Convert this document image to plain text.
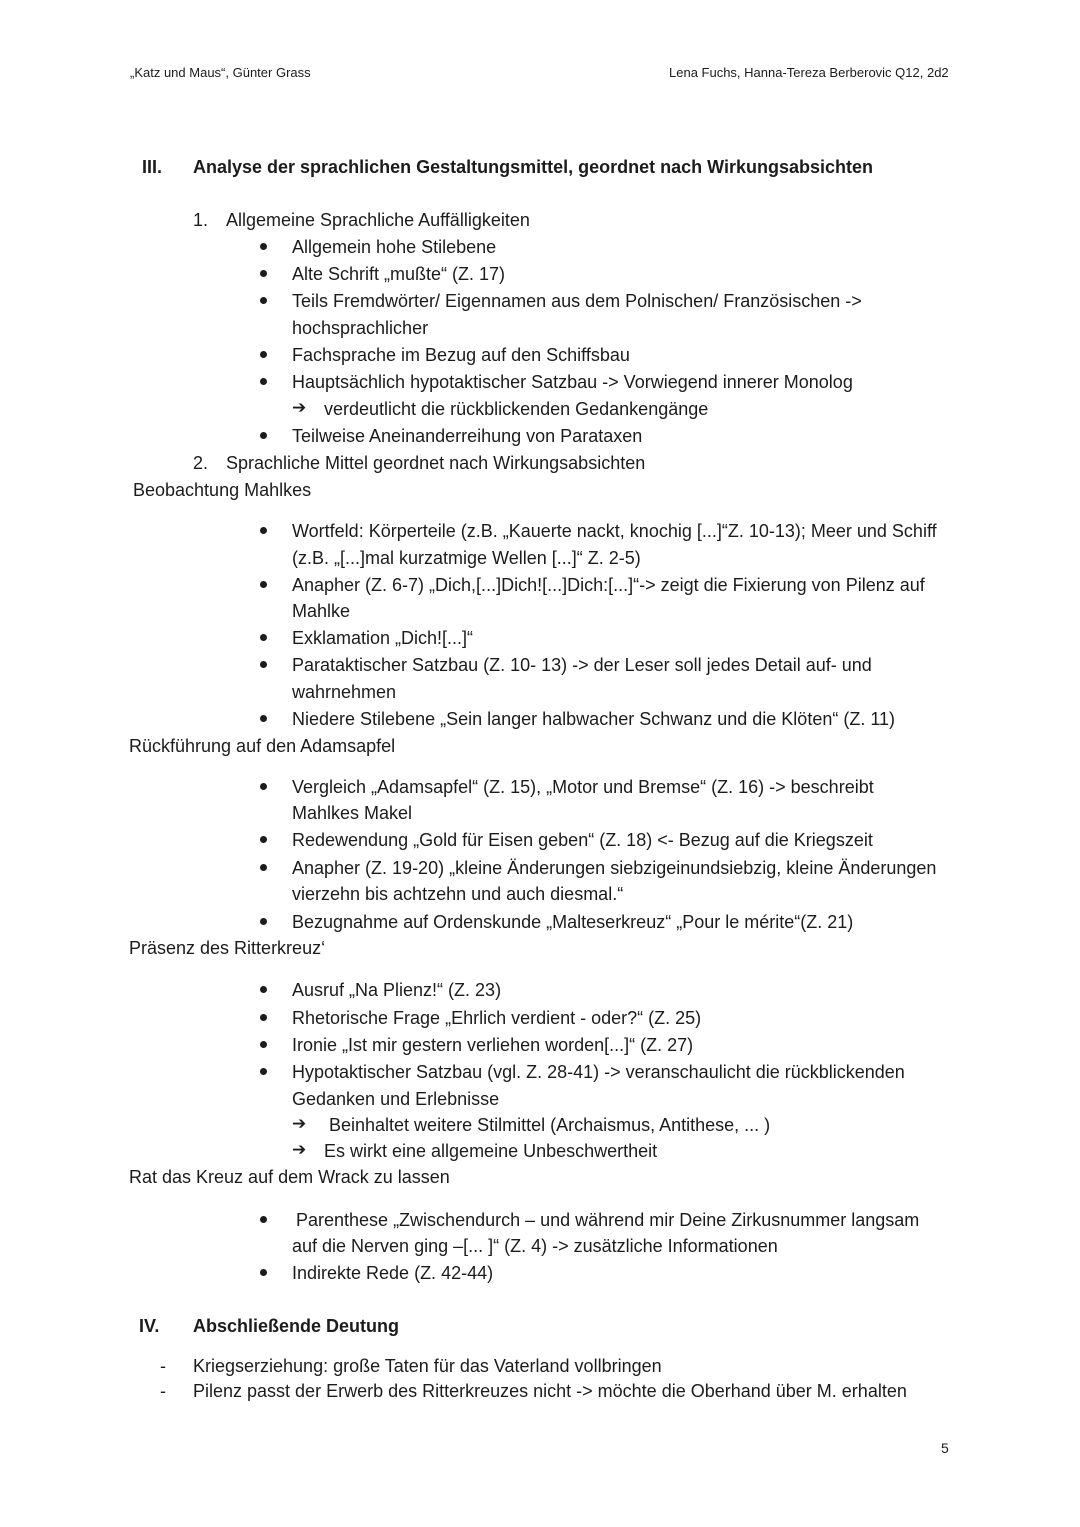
„Katz und Maus“, Günter Grass	Lena Fuchs, Hanna-Tereza Berberovic Q12, 2d2
III. Analyse der sprachlichen Gestaltungsmittel, geordnet nach Wirkungsabsichten
1. Allgemeine Sprachliche Auffälligkeiten
Allgemein hohe Stilebene
Alte Schrift „mußte“ (Z. 17)
Teils Fremdwörter/ Eigennamen aus dem Polnischen/ Französischen ->
hochsprachlicher
Fachsprache im Bezug auf den Schiffsbau
Hauptsächlich hypotaktischer Satzbau -> Vorwiegend innerer Monolog
➔ verdeutlicht die rückblickenden Gedankengänge
Teilweise Aneinanderreihung von Parataxen
2. Sprachliche Mittel geordnet nach Wirkungsabsichten
Beobachtung Mahlkes
Wortfeld: Körperteile (z.B. „Kauerte nackt, knochig [...]“Z. 10-13); Meer und Schiff
(z.B. „[...]mal kurzatmige Wellen [...]“ Z. 2-5)
Anapher (Z. 6-7) „Dich,[...]Dich![...]Dich:[...]“-> zeigt die Fixierung von Pilenz auf
Mahlke
Exklamation „Dich![...]“
Parataktischer Satzbau (Z. 10- 13) -> der Leser soll jedes Detail auf- und
wahrnehmen
Niedere Stilebene „Sein langer halbwacher Schwanz und die Klöten“ (Z. 11)
Rückführung auf den Adamsapfel
Vergleich „Adamsapfel“ (Z. 15), „Motor und Bremse“ (Z. 16) -> beschreibt
Mahlkes Makel
Redewendung „Gold für Eisen geben“ (Z. 18) <- Bezug auf die Kriegszeit
Anapher (Z. 19-20) „kleine Änderungen siebzigeinundsiebzig, kleine Änderungen
vierzehn bis achtzehn und auch diesmal.“
Bezugnahme auf Ordenskunde „Malteserkreuz“ „Pour le mérite“(Z. 21)
Präsenz des Ritterkreuz‘
Ausruf „Na Plienz!“ (Z. 23)
Rhetorische Frage „Ehrlich verdient - oder?“ (Z. 25)
Ironie „Ist mir gestern verliehen worden[...]“ (Z. 27)
Hypotaktischer Satzbau (vgl. Z. 28-41) -> veranschaulicht die rückblickenden
Gedanken und Erlebnisse
➔ Beinhaltet weitere Stilmittel (Archaismus, Antithese, ... )
➔ Es wirkt eine allgemeine Unbeschwertheit
Rat das Kreuz auf dem Wrack zu lassen
Parenthese „Zwischendurch – und während mir Deine Zirkusnummer langsam
auf die Nerven ging –[... ]“ (Z. 4) -> zusätzliche Informationen
Indirekte Rede (Z. 42-44)
IV. Abschließende Deutung
- Kriegserziehung: große Taten für das Vaterland vollbringen
- Pilenz passt der Erwerb des Ritterkreuzes nicht -> möchte die Oberhand über M. erhalten
5
